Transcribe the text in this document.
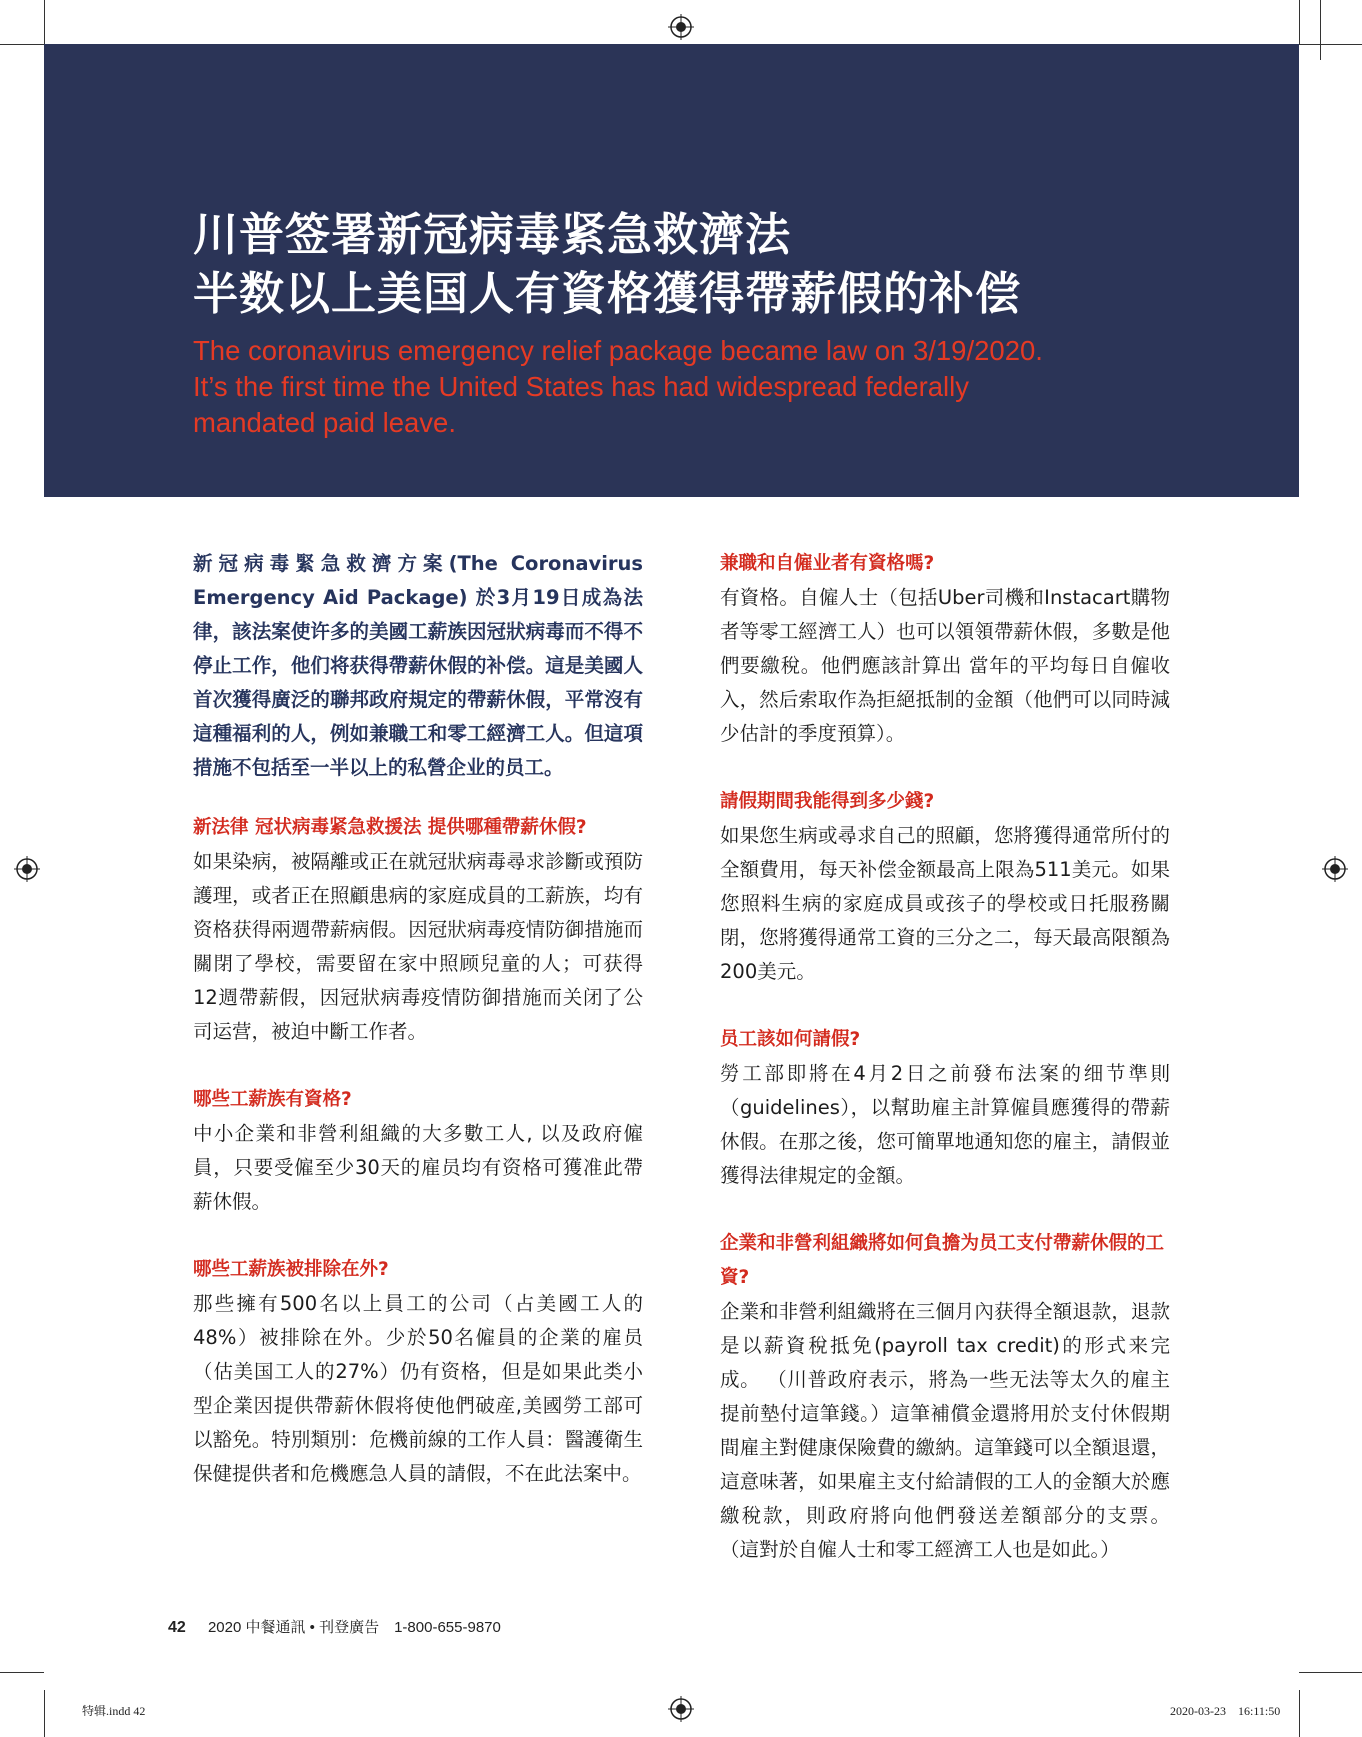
川普签署新冠病毒紧急救濟法
半数以上美国人有資格獲得帶薪假的补偿

The coronavirus emergency relief package became law on 3/19/2020.
It’s the first time the United States has had widespread federally
mandated paid leave.

新冠病毒緊急救濟方案(The Coronavirus Emergency Aid Package) 於3月19日成為法律，該法案使许多的美國工薪族因冠狀病毒而不得不停止工作，他们将获得帶薪休假的补偿。這是美國人首次獲得廣泛的聯邦政府規定的帶薪休假，平常沒有這種福利的人，例如兼職工和零工經濟工人。但這項措施不包括至一半以上的私營企业的员工。

新法律 冠状病毒紧急救援法 提供哪種帶薪休假?

如果染病，被隔離或正在就冠狀病毒尋求診斷或預防護理，或者正在照顧患病的家庭成員的工薪族，均有资格获得兩週帶薪病假。因冠狀病毒疫情防御措施而關閉了學校，需要留在家中照顾兒童的人；可获得12週帶薪假，因冠狀病毒疫情防御措施而关闭了公司运营，被迫中斷工作者。

哪些工薪族有資格?

中小企業和非營利組織的大多數工人, 以及政府僱員，只要受僱至少30天的雇员均有资格可獲准此帶薪休假。

哪些工薪族被排除在外?

那些擁有500名以上員工的公司（占美國工人的48%）被排除在外。少於50名僱員的企業的雇员（估美国工人的27%）仍有资格，但是如果此类小型企業因提供帶薪休假将使他們破産,美國勞工部可以豁免。特別類別：危機前線的工作人員：醫護衛生保健提供者和危機應急人員的請假，不在此法案中。

兼職和自僱业者有資格嗎?

有資格。自僱人士（包括Uber司機和Instacart購物者等零工經濟工人）也可以領領帶薪休假，多數是他們要繳稅。他們應該計算出 當年的平均每日自僱收入，然后索取作為拒絕抵制的金額（他們可以同時減少估計的季度預算）。

請假期間我能得到多少錢?

如果您生病或尋求自己的照顧，您將獲得通常所付的全額費用，每天补偿金额最高上限為511美元。如果您照料生病的家庭成員或孩子的學校或日托服務關閉，您將獲得通常工資的三分之二，每天最高限額為200美元。

员工該如何請假?

勞工部即將在4月2日之前發布法案的细节準則（guidelines），以幫助雇主計算僱員應獲得的帶薪休假。在那之後，您可簡單地通知您的雇主，請假並獲得法律規定的金額。

企業和非營利組織將如何負擔为员工支付帶薪休假的工資?

企業和非營利組織將在三個月內获得全額退款，退款是以薪資稅抵免(payroll tax credit)的形式来完成。 （川普政府表示，將為一些无法等太久的雇主提前墊付這筆錢。）這筆補償金還將用於支付休假期間雇主對健康保險費的繳納。這筆錢可以全額退還，這意味著，如果雇主支付給請假的工人的金額大於應繳稅款，則政府將向他們發送差額部分的支票。 （這對於自僱人士和零工經濟工人也是如此。）

42 2020 中餐通訊 • 刊登廣告　1-800-655-9870
特辑.indd 42	2020-03-23　16:11:50
